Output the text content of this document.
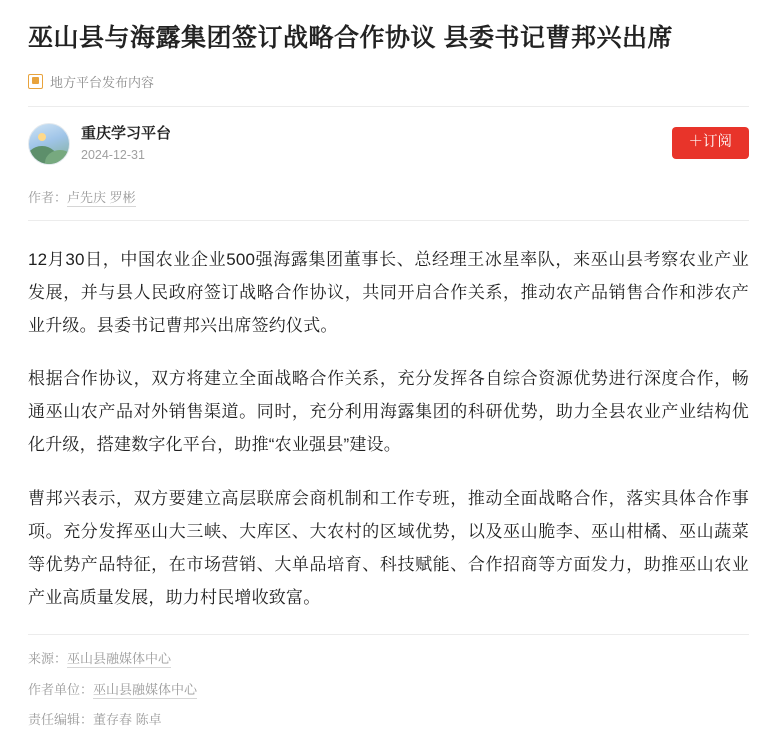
巫山县与海露集团签订战略合作协议 县委书记曹邦兴出席
地方平台发布内容
重庆学习平台
2024-12-31
＋订阅
作者：卢先庆 罗彬

12月30日，中国农业企业500强海露集团董事长、总经理王冰星率队，来巫山县考察农业产业发展，并与县人民政府签订战略合作协议，共同开启合作关系，推动农产品销售合作和涉农产业升级。县委书记曹邦兴出席签约仪式。

根据合作协议，双方将建立全面战略合作关系，充分发挥各自综合资源优势进行深度合作，畅通巫山农产品对外销售渠道。同时，充分利用海露集团的科研优势，助力全县农业产业结构优化升级，搭建数字化平台，助推“农业强县”建设。

曹邦兴表示，双方要建立高层联席会商机制和工作专班，推动全面战略合作，落实具体合作事项。充分发挥巫山大三峡、大库区、大农村的区域优势，以及巫山脆李、巫山柑橘、巫山蔬菜等优势产品特征，在市场营销、大单品培育、科技赋能、合作招商等方面发力，助推巫山农业产业高质量发展，助力村民增收致富。

来源：巫山县融媒体中心
作者单位：巫山县融媒体中心
责任编辑：董存春 陈卓
